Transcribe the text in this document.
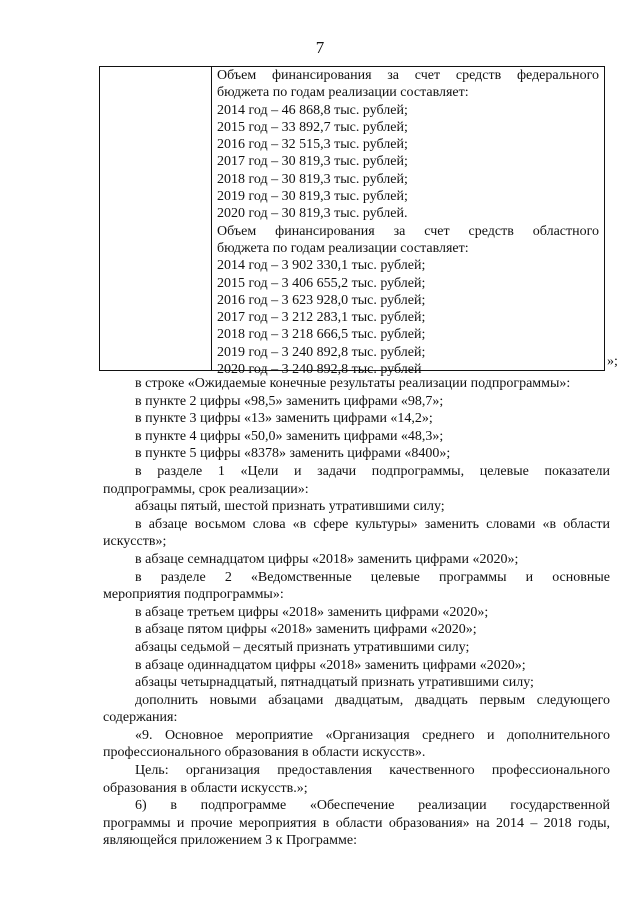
7
Объем финансирования за счет средств федерального
бюджета по годам реализации составляет:
2014 год – 46 868,8 тыс. рублей;
2015 год – 33 892,7 тыс. рублей;
2016 год – 32 515,3 тыс. рублей;
2017 год – 30 819,3 тыс. рублей;
2018 год – 30 819,3 тыс. рублей;
2019 год – 30 819,3 тыс. рублей;
2020 год – 30 819,3 тыс. рублей.
Объем финансирования за счет средств областного
бюджета по годам реализации составляет:
2014 год – 3 902 330,1 тыс. рублей;
2015 год – 3 406 655,2 тыс. рублей;
2016 год – 3 623 928,0 тыс. рублей;
2017 год – 3 212 283,1 тыс. рублей;
2018 год – 3 218 666,5 тыс. рублей;
2019 год – 3 240 892,8 тыс. рублей;
2020 год – 3 240 892,8 тыс. рублей
»;
в строке «Ожидаемые конечные результаты реализации подпрограммы»:
в пункте 2 цифры «98,5» заменить цифрами «98,7»;
в пункте 3 цифры «13» заменить цифрами «14,2»;
в пункте 4 цифры «50,0» заменить цифрами «48,3»;
в пункте 5 цифры «8378» заменить цифрами «8400»;
в разделе 1 «Цели и задачи подпрограммы, целевые показатели
подпрограммы, срок реализации»:
абзацы пятый, шестой признать утратившими силу;
в абзаце восьмом слова «в сфере культуры» заменить словами «в области
искусств»;
в абзаце семнадцатом цифры «2018» заменить цифрами «2020»;
в разделе 2 «Ведомственные целевые программы и основные
мероприятия подпрограммы»:
в абзаце третьем цифры «2018» заменить цифрами «2020»;
в абзаце пятом цифры «2018» заменить цифрами «2020»;
абзацы седьмой – десятый признать утратившими силу;
в абзаце одиннадцатом цифры «2018» заменить цифрами «2020»;
абзацы четырнадцатый, пятнадцатый признать утратившими силу;
дополнить новыми абзацами двадцатым, двадцать первым следующего
содержания:
«9. Основное мероприятие «Организация среднего и дополнительного
профессионального образования в области искусств».
Цель: организация предоставления качественного профессионального
образования в области искусств.»;
6) в подпрограмме «Обеспечение реализации государственной
программы и прочие мероприятия в области образования» на 2014 – 2018 годы,
являющейся приложением 3 к Программе:
